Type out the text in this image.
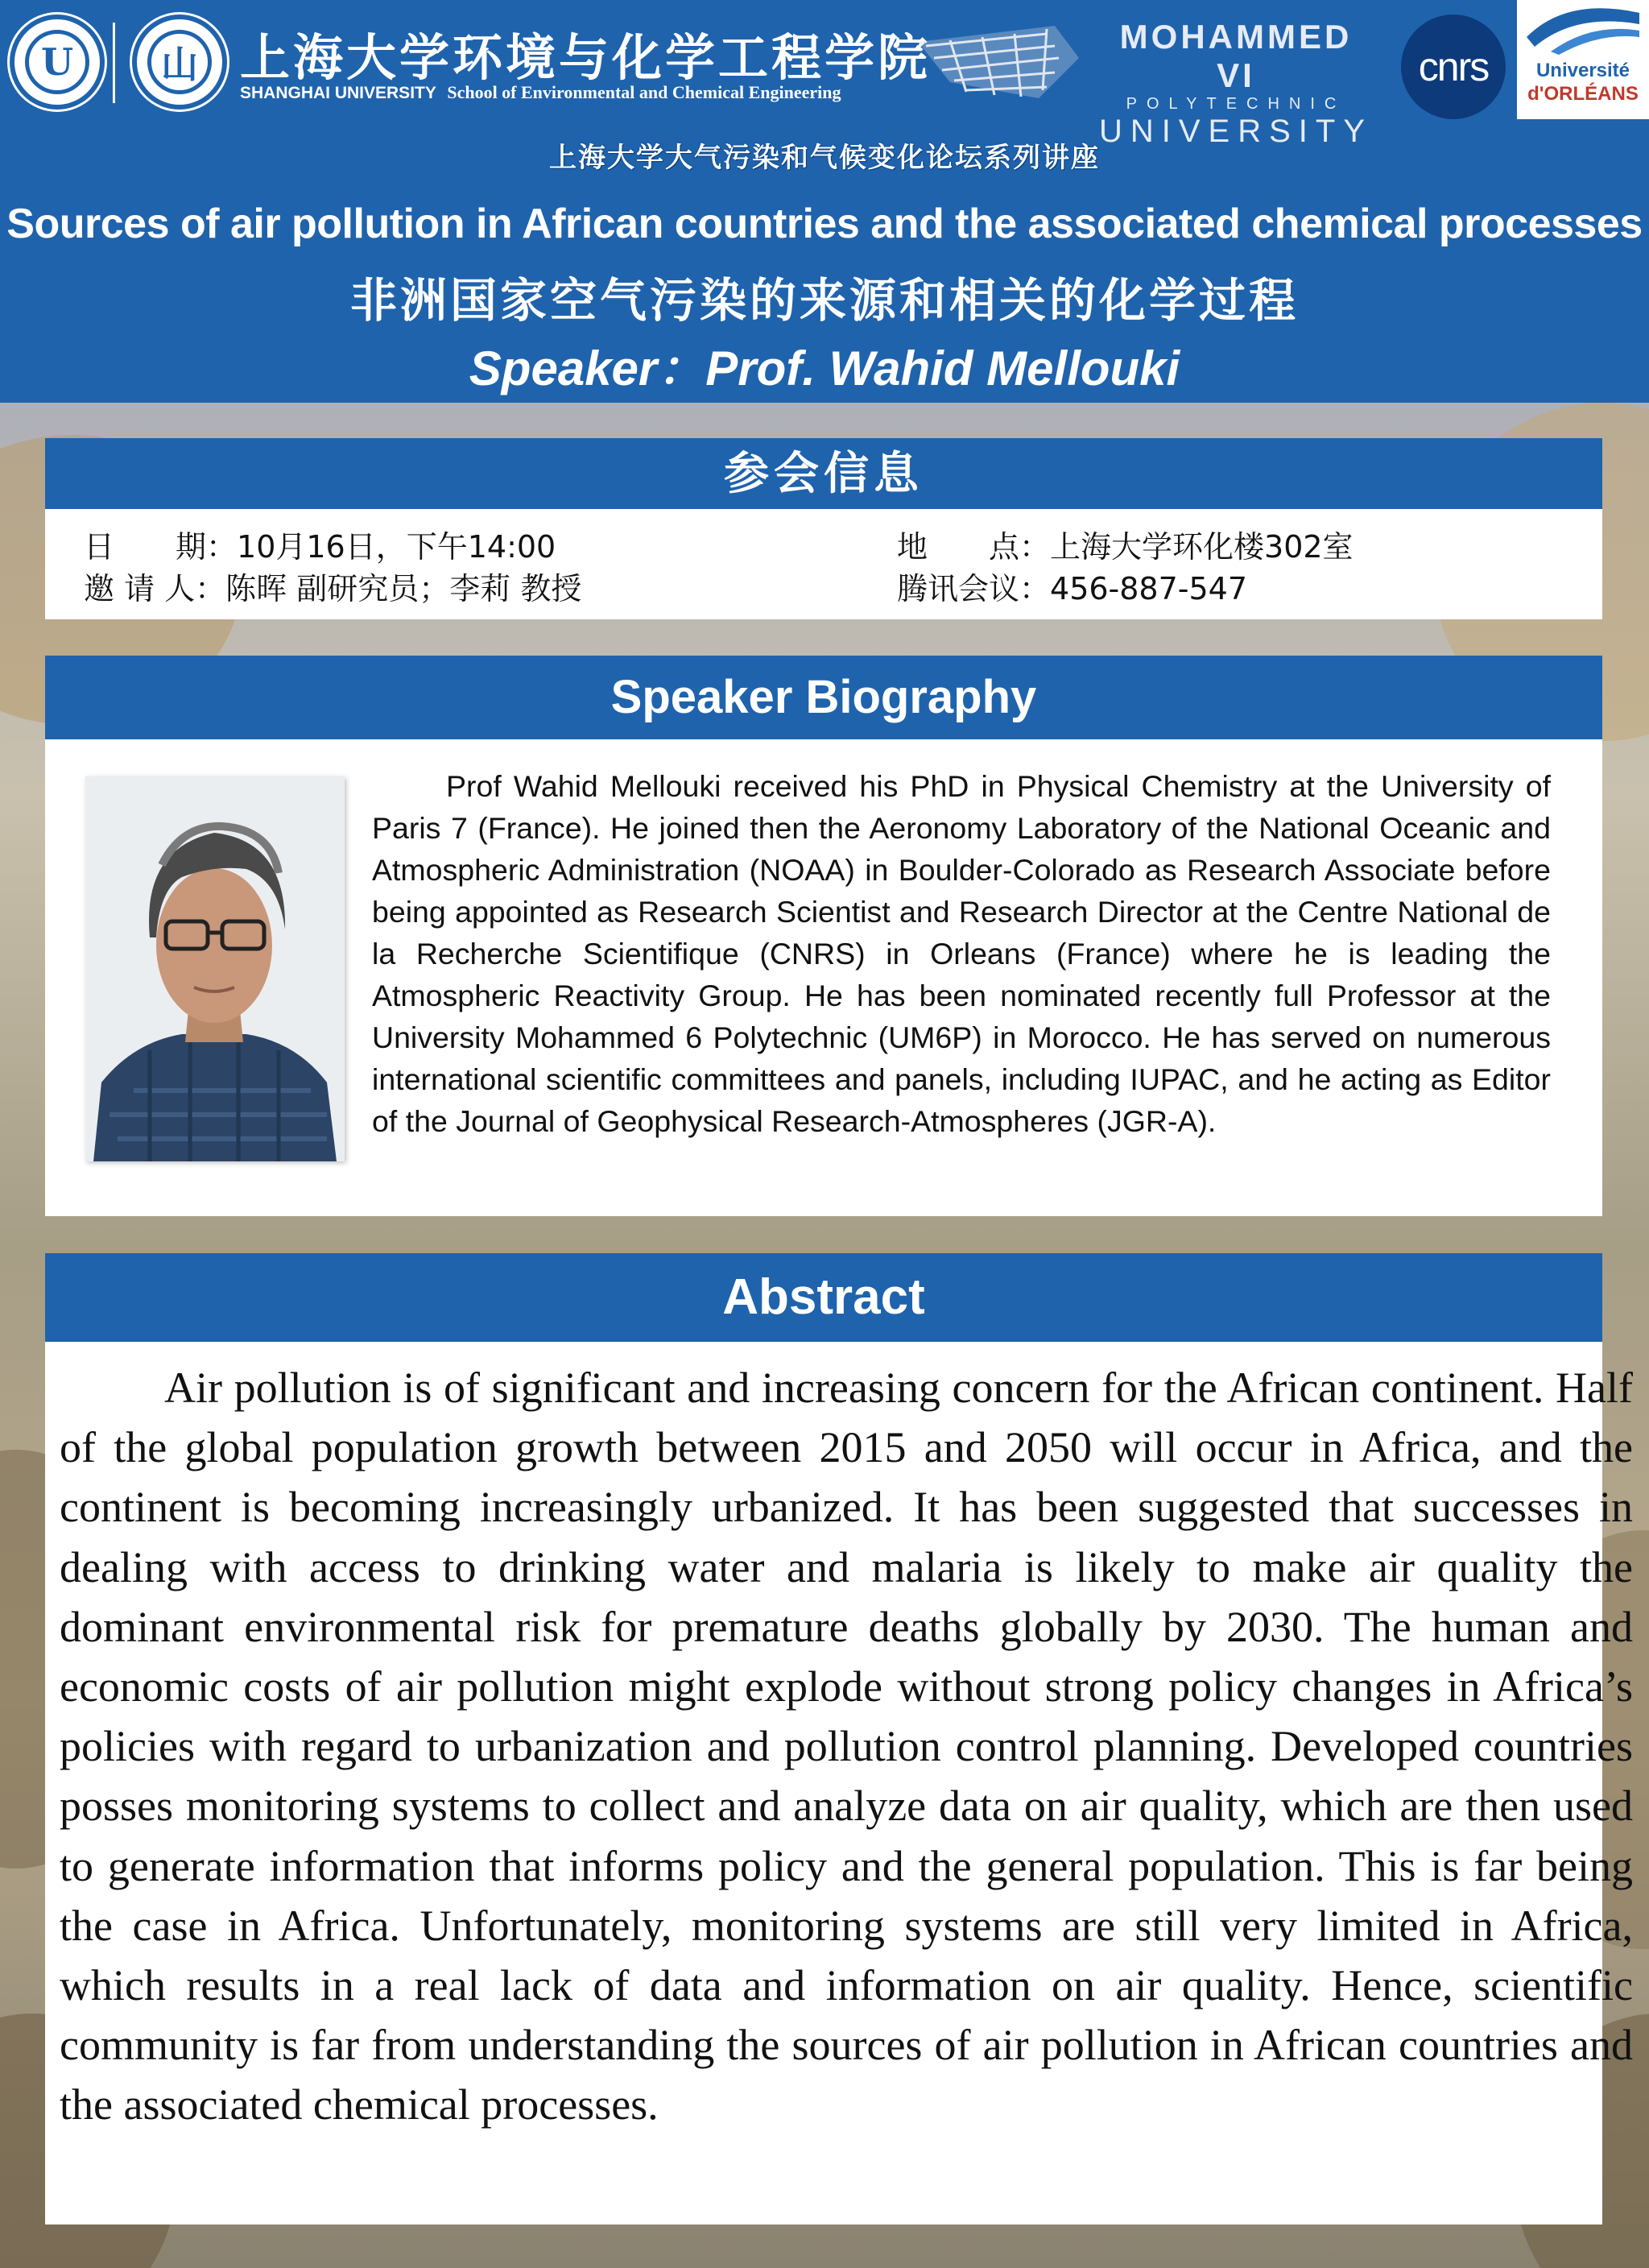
U	山 上海大学环境与化学工程学院
SHANGHAI UNIVERSITY School of Environmental and Chemical Engineering
MOHAMMED VI
POLYTECHNIC
UNIVERSITY
cnrs	Université
d'ORLÉANS
上海大学大气污染和气候变化论坛系列讲座
Sources of air pollution in African countries and the associated chemical processes
非洲国家空气污染的来源和相关的化学过程
Speaker：Prof. Wahid Mellouki
参会信息
日　　期：10月16日，下午14:00
邀 请 人：陈晖 副研究员；李莉 教授
地　　点：上海大学环化楼302室
腾讯会议：456-887-547
Speaker Biography

Prof Wahid Mellouki received his PhD in Physical Chemistry at the University of Paris 7 (France). He joined then the Aeronomy Laboratory of the National Oceanic and Atmospheric Administration (NOAA) in Boulder-Colorado as Research Associate before being appointed as Research Scientist and Research Director at the Centre National de la Recherche Scientifique (CNRS) in Orleans (France) where he is leading the Atmospheric Reactivity Group. He has been nominated recently full Professor at the University Mohammed 6 Polytechnic (UM6P) in Morocco. He has served on numerous international scientific committees and panels, including IUPAC, and he acting as Editor of the Journal of Geophysical Research-Atmospheres (JGR-A).

Abstract

Air pollution is of significant and increasing concern for the African continent. Half of the global population growth between 2015 and 2050 will occur in Africa, and the continent is becoming increasingly urbanized. It has been suggested that successes in dealing with access to drinking water and malaria is likely to make air quality the dominant environmental risk for premature deaths globally by 2030. The human and economic costs of air pollution might explode without strong policy changes in Africa’s policies with regard to urbanization and pollution control planning. Developed countries posses monitoring systems to collect and analyze data on air quality, which are then used to generate information that informs policy and the general population. This is far being the case in Africa. Unfortunately, monitoring systems are still very limited in Africa, which results in a real lack of data and information on air quality. Hence, scientific community is far from understanding the sources of air pollution in African countries and the associated chemical processes.
